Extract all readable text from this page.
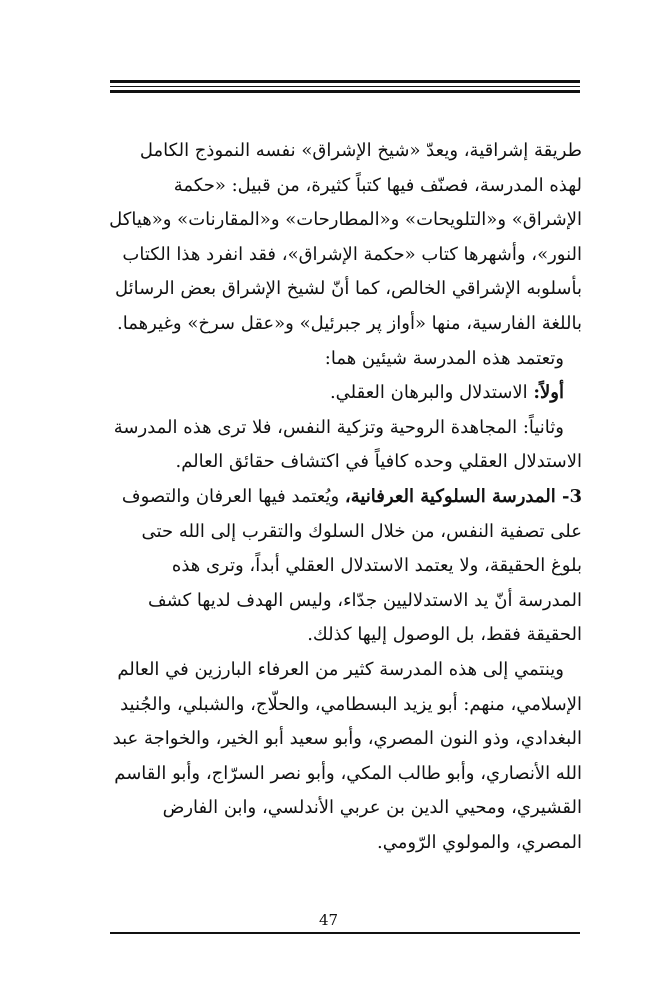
طريقة إشراقية، ويعدّ «شيخ الإشراق» نفسه النموذج الكامل لهذه المدرسة، فصنّف فيها كتباً كثيرة، من قبيل: «حكمة الإشراق» و«التلويحات» و«المطارحات» و«المقارنات» و«هياكل النور»، وأشهرها كتاب «حكمة الإشراق»، فقد انفرد هذا الكتاب بأسلوبه الإشراقي الخالص، كما أنّ لشيخ الإشراق بعض الرسائل باللغة الفارسية، منها «أواز پر جبرئيل» و«عقل سرخ» وغيرهما.

وتعتمد هذه المدرسة شيئين هما:

أولاً: الاستدلال والبرهان العقلي.

وثانياً: المجاهدة الروحية وتزكية النفس، فلا ترى هذه المدرسة الاستدلال العقلي وحده كافياً في اكتشاف حقائق العالم.

3- المدرسة السلوكية العرفانية، ويُعتمد فيها العرفان والتصوف على تصفية النفس، من خلال السلوك والتقرب إلى الله حتى بلوغ الحقيقة، ولا يعتمد الاستدلال العقلي أبداً، وترى هذه المدرسة أنّ يد الاستدلاليين جدّاء، وليس الهدف لديها كشف الحقيقة فقط، بل الوصول إليها كذلك.

وينتمي إلى هذه المدرسة كثير من العرفاء البارزين في العالم الإسلامي، منهم: أبو يزيد البسطامي، والحلّاج، والشبلي، والجُنيد البغدادي، وذو النون المصري، وأبو سعيد أبو الخير، والخواجة عبد الله الأنصاري، وأبو طالب المكي، وأبو نصر السرّاج، وأبو القاسم القشيري، ومحيي الدين بن عربي الأندلسي، وابن الفارض المصري، والمولوي الرّومي.

47
